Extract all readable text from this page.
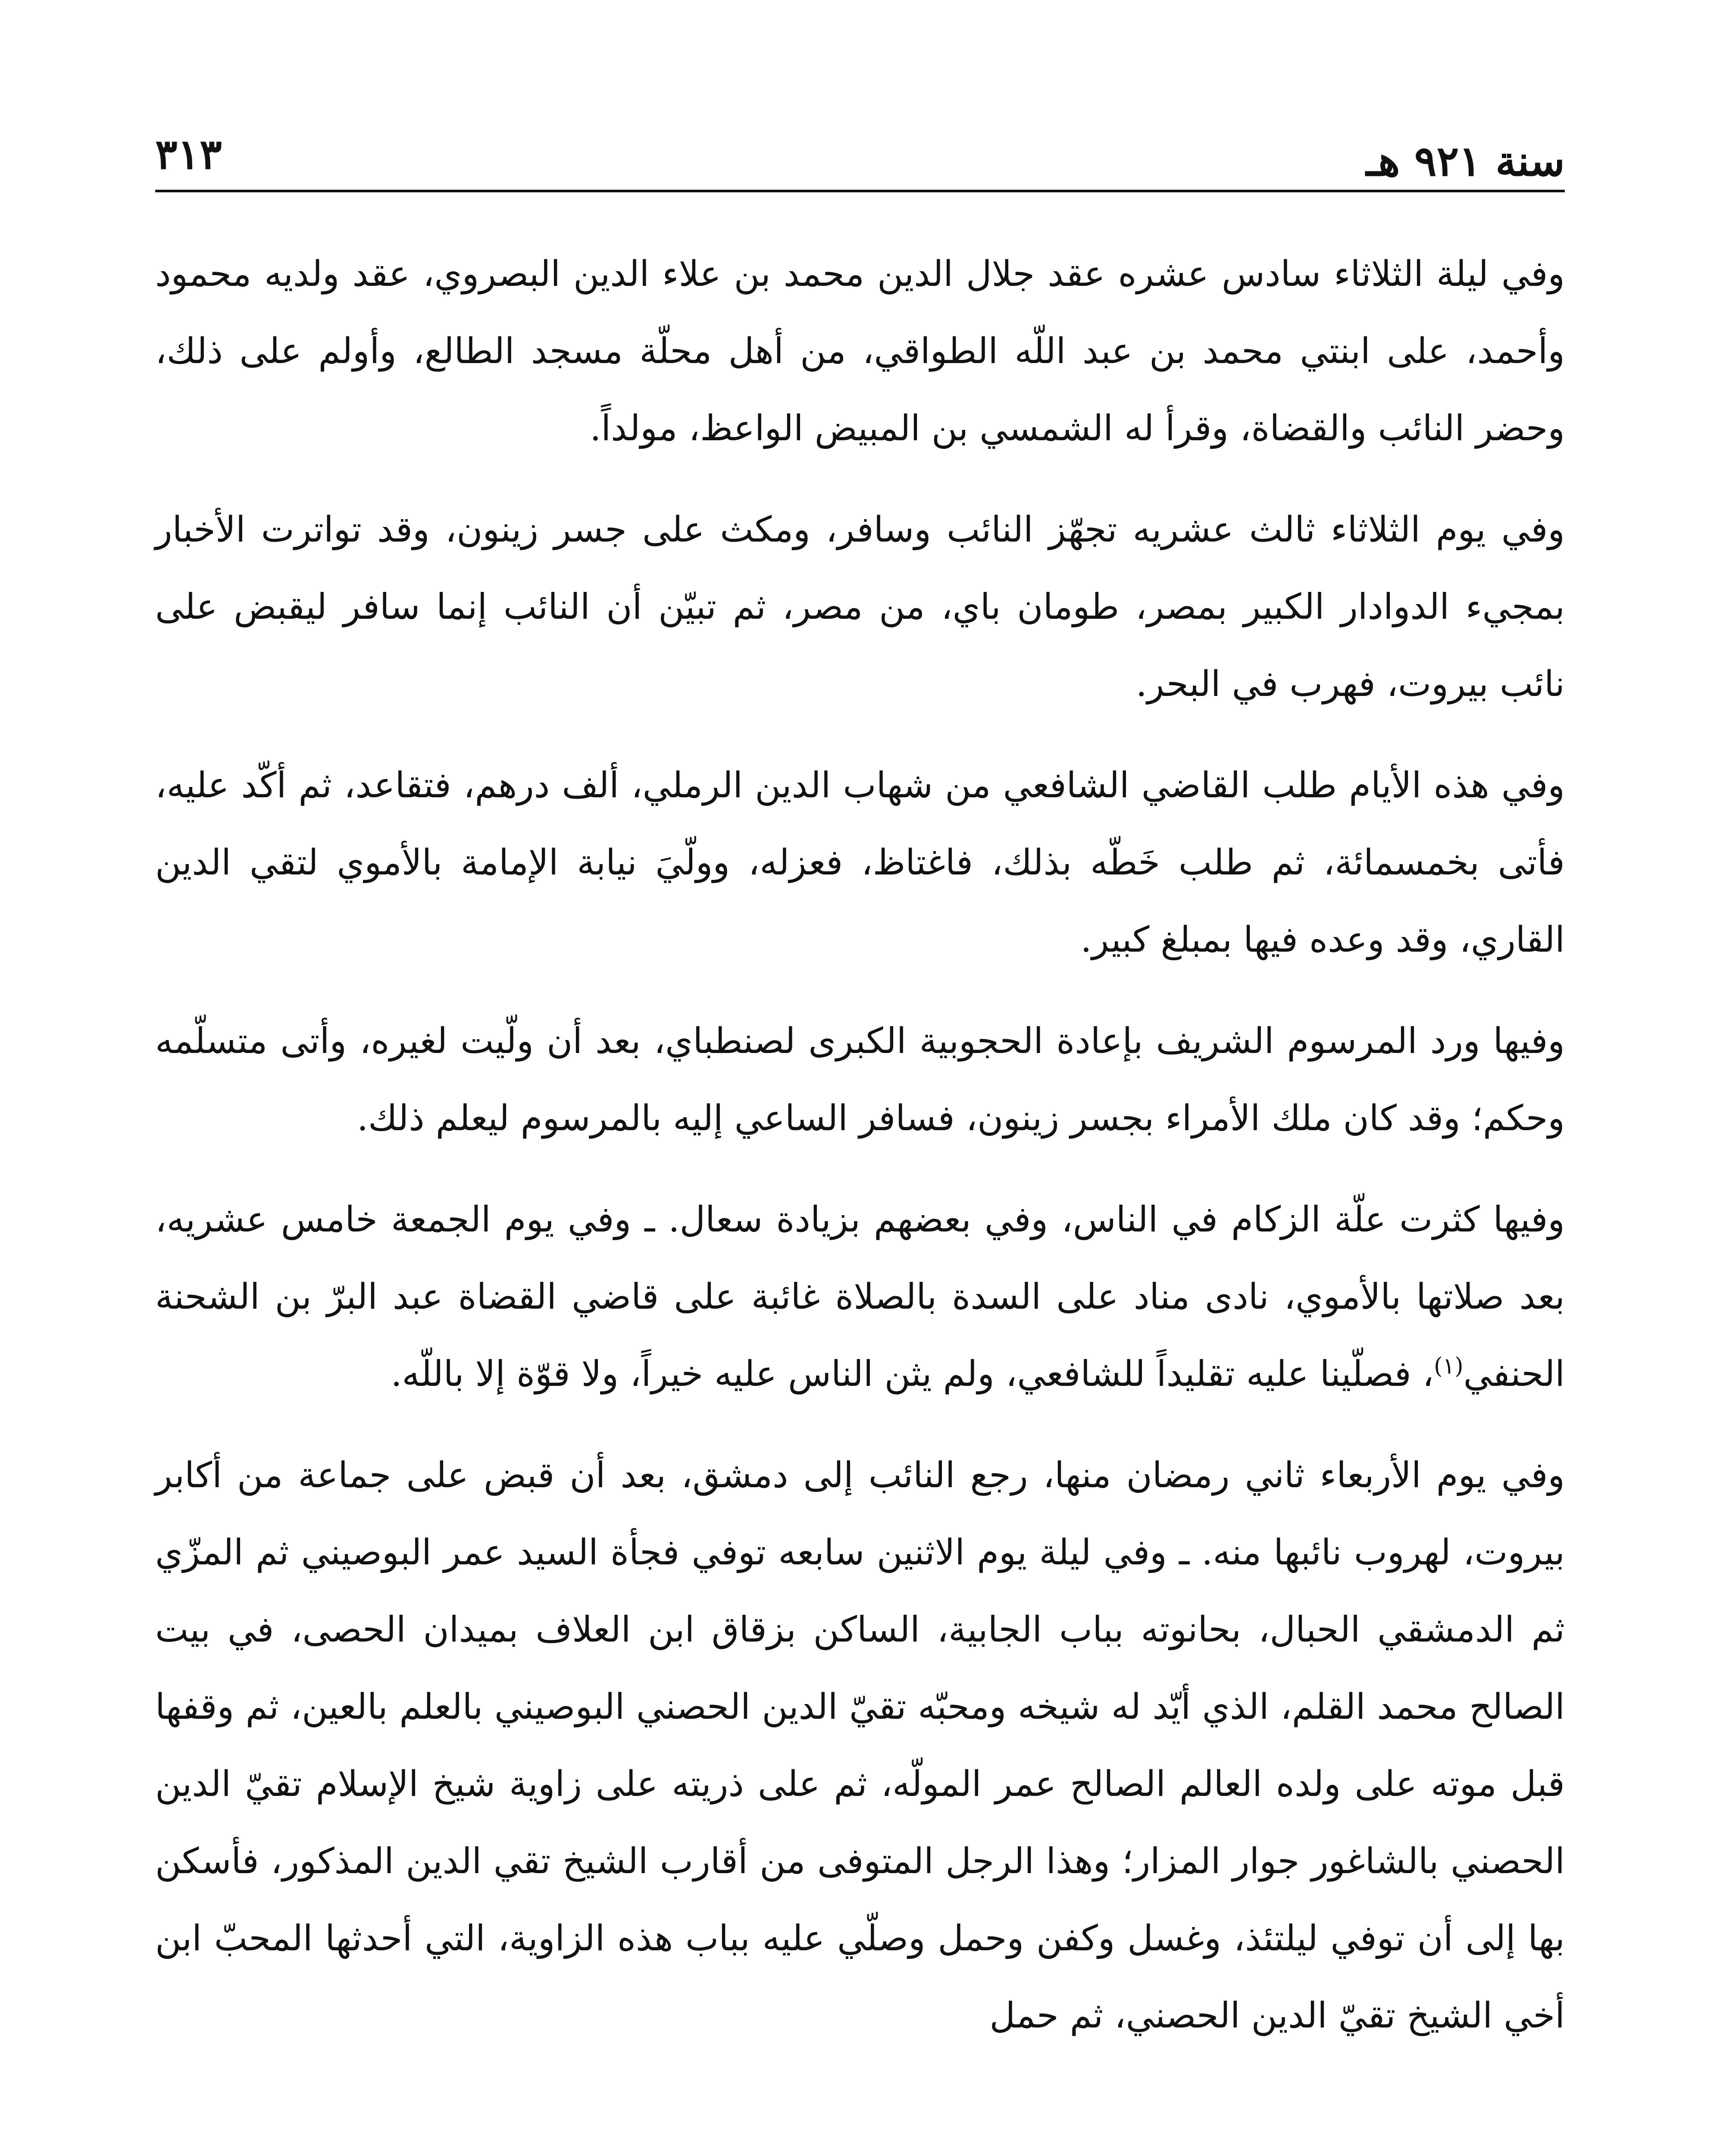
سنة ٩٢١ هـ
٣١٣

وفي ليلة الثلاثاء سادس عشره عقد جلال الدين محمد بن علاء الدين البصروي، عقد ولديه محمود وأحمد، على ابنتي محمد بن عبد اللّه الطواقي، من أهل محلّة مسجد الطالع، وأولم على ذلك، وحضر النائب والقضاة، وقرأ له الشمسي بن المبيض الواعظ، مولداً.

وفي يوم الثلاثاء ثالث عشريه تجهّز النائب وسافر، ومكث على جسر زينون، وقد تواترت الأخبار بمجيء الدوادار الكبير بمصر، طومان باي، من مصر، ثم تبيّن أن النائب إنما سافر ليقبض على نائب بيروت، فهرب في البحر.

وفي هذه الأيام طلب القاضي الشافعي من شهاب الدين الرملي، ألف درهم، فتقاعد، ثم أكّد عليه، فأتى بخمسمائة، ثم طلب خَطّه بذلك، فاغتاظ، فعزله، وولّيَ نيابة الإمامة بالأموي لتقي الدين القاري، وقد وعده فيها بمبلغ كبير.

وفيها ورد المرسوم الشريف بإعادة الحجوبية الكبرى لصنطباي، بعد أن ولّيت لغيره، وأتى متسلّمه وحكم؛ وقد كان ملك الأمراء بجسر زينون، فسافر الساعي إليه بالمرسوم ليعلم ذلك.

وفيها كثرت علّة الزكام في الناس، وفي بعضهم بزيادة سعال. ـ وفي يوم الجمعة خامس عشريه، بعد صلاتها بالأموي، نادى مناد على السدة بالصلاة غائبة على قاضي القضاة عبد البرّ بن الشحنة الحنفي$^{(١)}$، فصلّينا عليه تقليداً للشافعي، ولم يثن الناس عليه خيراً، ولا قوّة إلا باللّه.

وفي يوم الأربعاء ثاني رمضان منها، رجع النائب إلى دمشق، بعد أن قبض على جماعة من أكابر بيروت، لهروب نائبها منه. ـ وفي ليلة يوم الاثنين سابعه توفي فجأة السيد عمر البوصيني ثم المزّي ثم الدمشقي الحبال، بحانوته بباب الجابية، الساكن بزقاق ابن العلاف بميدان الحصى، في بيت الصالح محمد القلم، الذي أيّد له شيخه ومحبّه تقيّ الدين الحصني البوصيني بالعلم بالعين، ثم وقفها قبل موته على ولده العالم الصالح عمر المولّه، ثم على ذريته على زاوية شيخ الإسلام تقيّ الدين الحصني بالشاغور جوار المزار؛ وهذا الرجل المتوفى من أقارب الشيخ تقي الدين المذكور، فأسكن بها إلى أن توفي ليلتئذ، وغسل وكفن وحمل وصلّي عليه بباب هذه الزاوية، التي أحدثها المحبّ ابن أخي الشيخ تقيّ الدين الحصني، ثم حمل
